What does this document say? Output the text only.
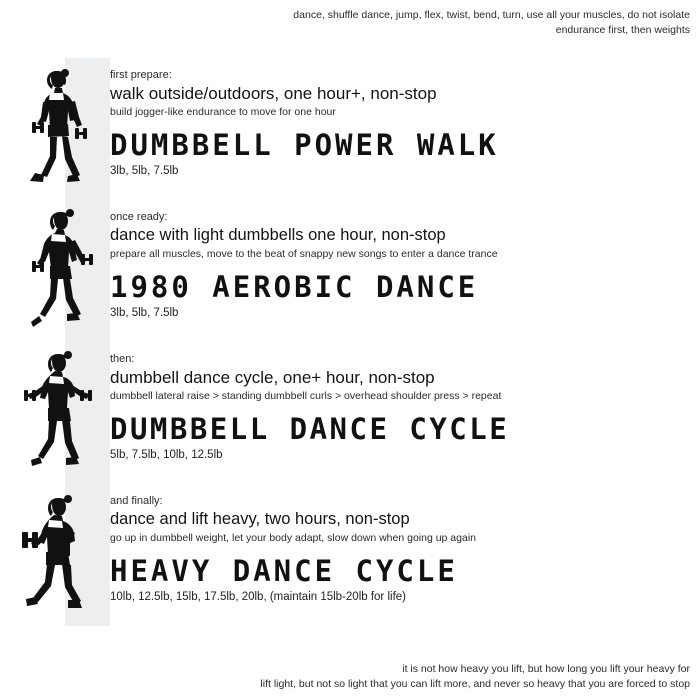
dance, shuffle dance, jump, flex, twist, bend, turn, use all your muscles, do not isolate
endurance first, then weights

first prepare:

walk outside/outdoors, one hour+, non-stop

build jogger-like endurance to move for one hour

DUMBBELL POWER WALK

3lb, 5lb, 7.5lb

once ready:

dance with light dumbbells one hour, non-stop

prepare all muscles, move to the beat of snappy new songs to enter a dance trance

1980 AEROBIC DANCE

3lb, 5lb, 7.5lb

then:

dumbbell dance cycle, one+ hour, non-stop

dumbbell lateral raise > standing dumbbell curls > overhead shoulder press > repeat

DUMBBELL DANCE CYCLE

5lb, 7.5lb, 10lb, 12.5lb

and finally:

dance and lift heavy, two hours, non-stop

go up in dumbbell weight, let your body adapt, slow down when going up again

HEAVY DANCE CYCLE

10lb, 12.5lb, 15lb, 17.5lb, 20lb, (maintain 15lb-20lb for life)

it is not how heavy you lift, but how long you lift your heavy for
lift light, but not so light that you can lift more, and never so heavy that you are forced to stop
